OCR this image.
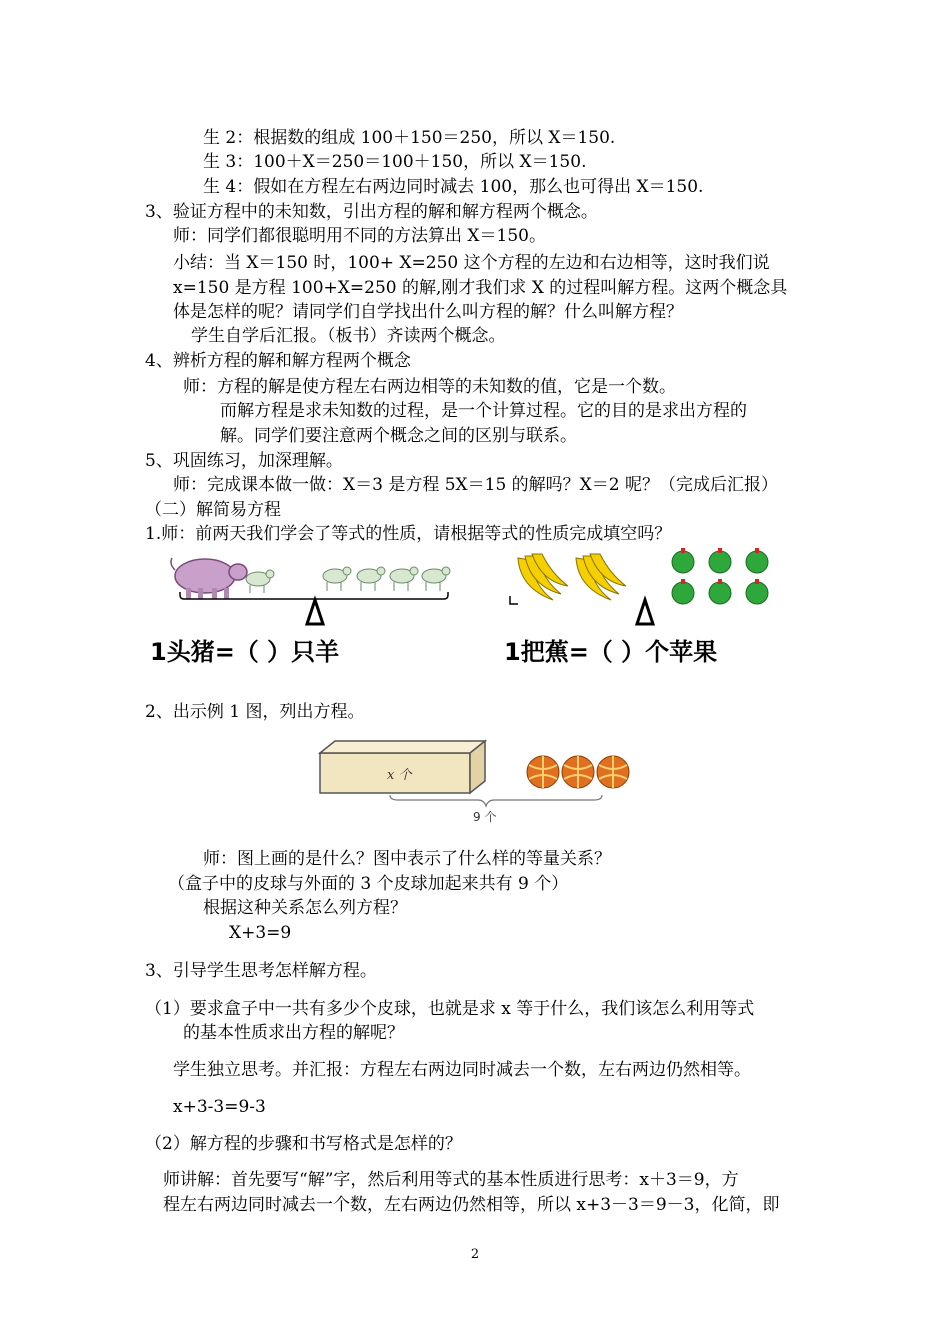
生 2：根据数的组成 100＋150＝250，所以 X＝150.
生 3：100＋X＝250＝100＋150，所以 X＝150.
生 4：假如在方程左右两边同时减去 100，那么也可得出 X＝150.
3、验证方程中的未知数，引出方程的解和解方程两个概念。
师：同学们都很聪明用不同的方法算出 X＝150。
小结：当 X＝150 时，100+ X=250 这个方程的左边和右边相等，这时我们说
x=150 是方程 100+X=250 的解,刚才我们求 X 的过程叫解方程。这两个概念具
体是怎样的呢？请同学们自学找出什么叫方程的解？什么叫解方程？
学生自学后汇报。（板书）齐读两个概念。
4、辨析方程的解和解方程两个概念
师：方程的解是使方程左右两边相等的未知数的值，它是一个数。
而解方程是求未知数的过程，是一个计算过程。它的目的是求出方程的
解。同学们要注意两个概念之间的区别与联系。
5、巩固练习，加深理解。
师：完成课本做一做：X＝3 是方程 5X＝15 的解吗？X＝2 呢？（完成后汇报）
（二）解简易方程
1.师：前两天我们学会了等式的性质，请根据等式的性质完成填空吗？
1头猪=（ ）只羊	1把蕉=（ ）个苹果
2、出示例 1 图，列出方程。
x 个
9 个
师：图上画的是什么？图中表示了什么样的等量关系？
（盒子中的皮球与外面的 3 个皮球加起来共有 9 个）
根据这种关系怎么列方程？
X+3=9
3、引导学生思考怎样解方程。
（1）要求盒子中一共有多少个皮球，也就是求 x 等于什么，我们该怎么利用等式
的基本性质求出方程的解呢？
学生独立思考。并汇报：方程左右两边同时减去一个数，左右两边仍然相等。
x+3-3=9-3
（2）解方程的步骤和书写格式是怎样的？
师讲解：首先要写“解”字，然后利用等式的基本性质进行思考：x＋3＝9，方
程左右两边同时减去一个数，左右两边仍然相等，所以 x+3－3＝9－3，化简，即
2
